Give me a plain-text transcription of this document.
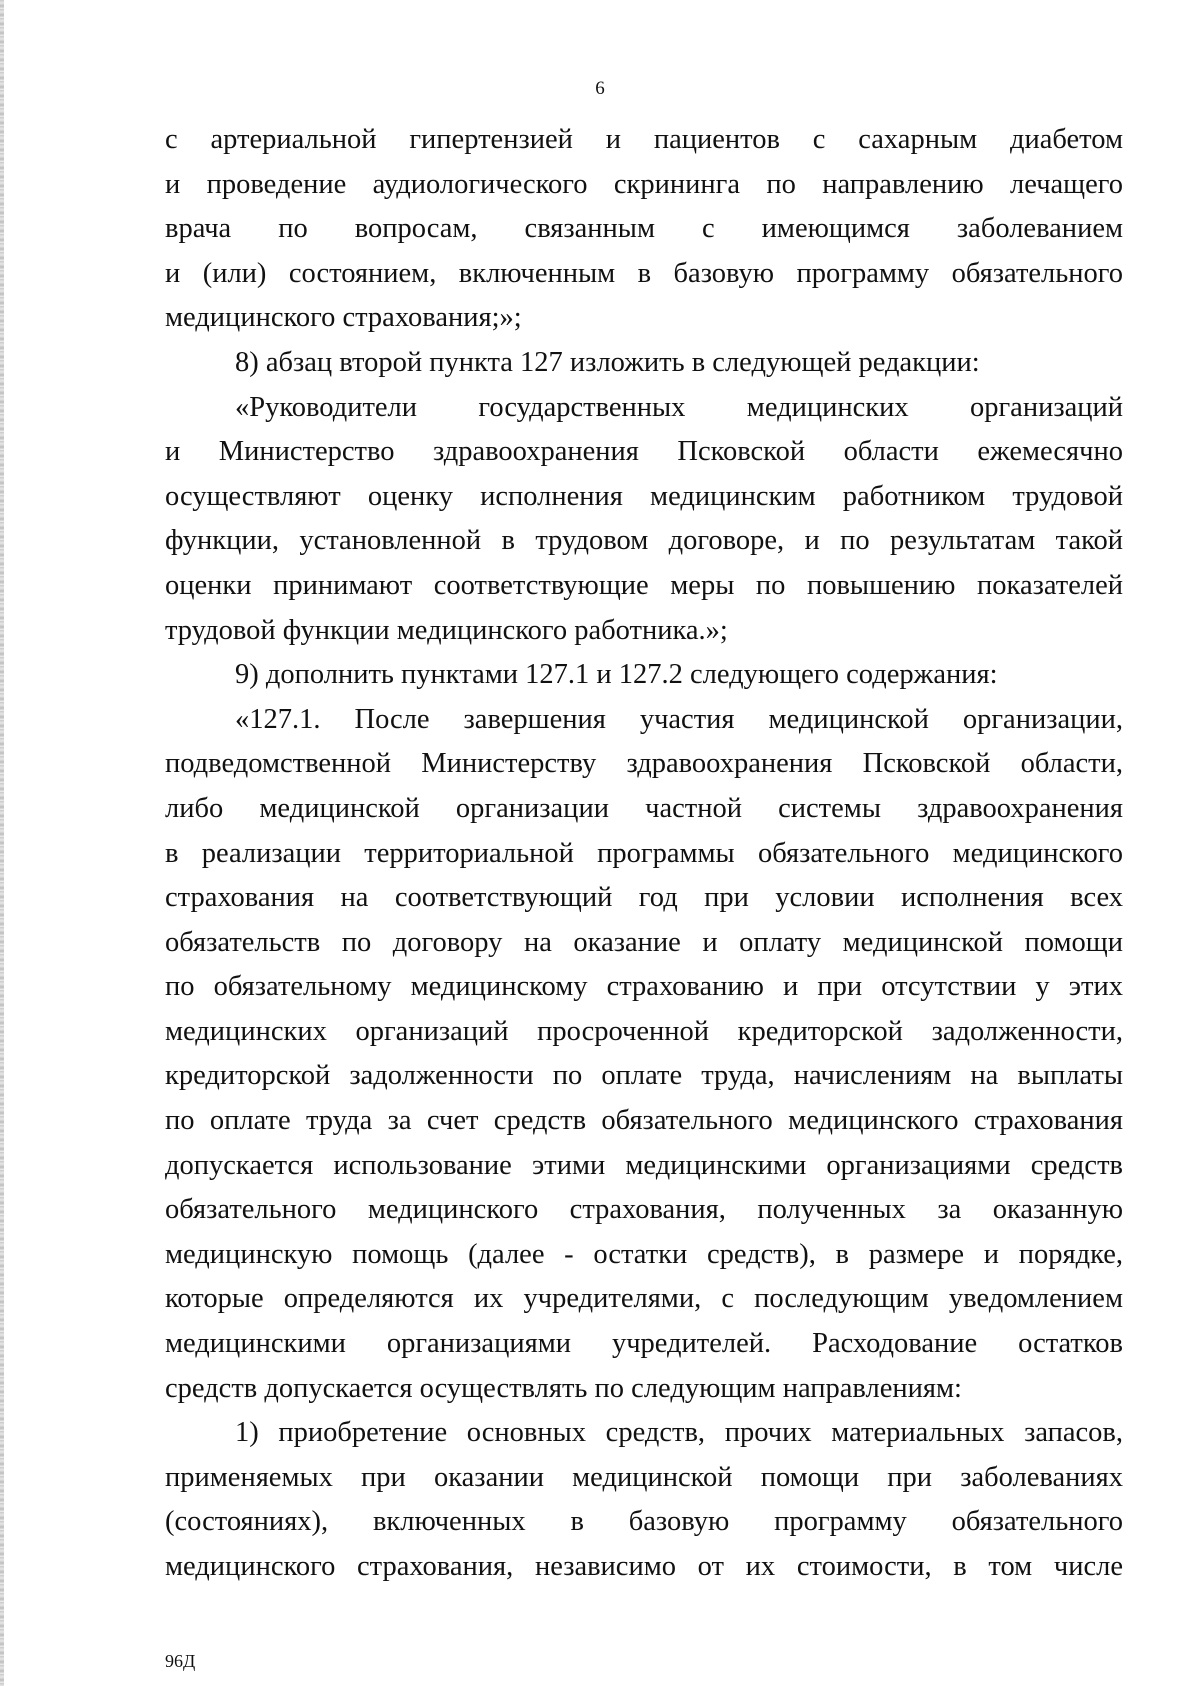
6
с артериальной гипертензией и пациентов с сахарным диабетом
и проведение аудиологического скрининга по направлению лечащего
врача по вопросам, связанным с имеющимся заболеванием
и (или) состоянием, включенным в базовую программу обязательного
медицинского страхования;»;
8) абзац второй пункта 127 изложить в следующей редакции:
«Руководители государственных медицинских организаций
и Министерство здравоохранения Псковской области ежемесячно
осуществляют оценку исполнения медицинским работником трудовой
функции, установленной в трудовом договоре, и по результатам такой
оценки принимают соответствующие меры по повышению показателей
трудовой функции медицинского работника.»;
9) дополнить пунктами 127.1 и 127.2 следующего содержания:
«127.1. После завершения участия медицинской организации,
подведомственной Министерству здравоохранения Псковской области,
либо медицинской организации частной системы здравоохранения
в реализации территориальной программы обязательного медицинского
страхования на соответствующий год при условии исполнения всех
обязательств по договору на оказание и оплату медицинской помощи
по обязательному медицинскому страхованию и при отсутствии у этих
медицинских организаций просроченной кредиторской задолженности,
кредиторской задолженности по оплате труда, начислениям на выплаты
по оплате труда за счет средств обязательного медицинского страхования
допускается использование этими медицинскими организациями средств
обязательного медицинского страхования, полученных за оказанную
медицинскую помощь (далее - остатки средств), в размере и порядке,
которые определяются их учредителями, с последующим уведомлением
медицинскими организациями учредителей. Расходование остатков
средств допускается осуществлять по следующим направлениям:
1) приобретение основных средств, прочих материальных запасов,
применяемых при оказании медицинской помощи при заболеваниях
(состояниях), включенных в базовую программу обязательного
медицинского страхования, независимо от их стоимости, в том числе
96Д
